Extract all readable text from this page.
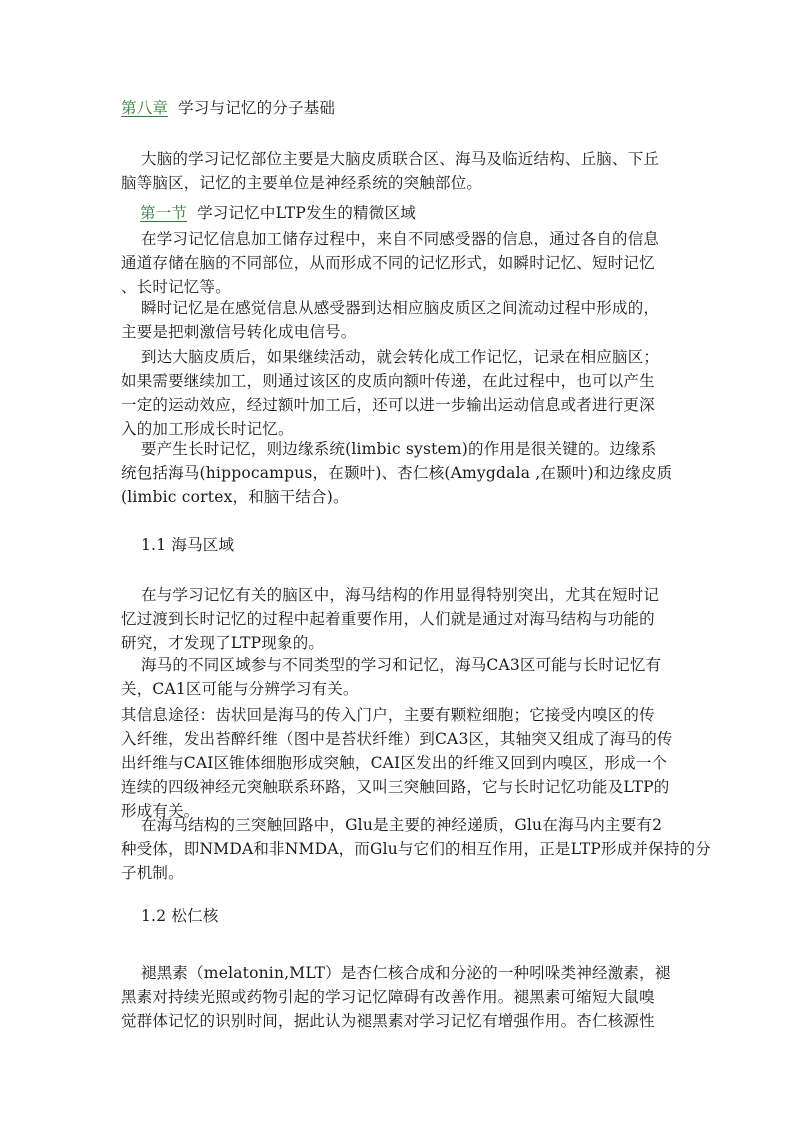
第八章 学习与记忆的分子基础
大脑的学习记忆部位主要是大脑皮质联合区、海马及临近结构、丘脑、下丘
脑等脑区，记忆的主要单位是神经系统的突触部位。
第一节 学习记忆中LTP发生的精微区域
在学习记忆信息加工储存过程中，来自不同感受器的信息，通过各自的信息
通道存储在脑的不同部位，从而形成不同的记忆形式，如瞬时记忆、短时记忆
、长时记忆等。
瞬时记忆是在感觉信息从感受器到达相应脑皮质区之间流动过程中形成的，
主要是把刺激信号转化成电信号。
到达大脑皮质后，如果继续活动，就会转化成工作记忆，记录在相应脑区；
如果需要继续加工，则通过该区的皮质向额叶传递，在此过程中，也可以产生
一定的运动效应，经过额叶加工后，还可以进一步输出运动信息或者进行更深
入的加工形成长时记忆。
要产生长时记忆，则边缘系统(limbic system)的作用是很关键的。边缘系
统包括海马(hippocampus，在颞叶)、杏仁核(Amygdala ,在颞叶)和边缘皮质
(limbic cortex，和脑干结合)。
1.1 海马区域
在与学习记忆有关的脑区中，海马结构的作用显得特别突出，尤其在短时记
忆过渡到长时记忆的过程中起着重要作用，人们就是通过对海马结构与功能的
研究，才发现了LTP现象的。
海马的不同区域参与不同类型的学习和记忆，海马CA3区可能与长时记忆有
关，CA1区可能与分辨学习有关。
其信息途径：齿状回是海马的传入门户，主要有颗粒细胞；它接受内嗅区的传
入纤维，发出苔醉纤维（图中是苔状纤维）到CA3区，其轴突又组成了海马的传
出纤维与CAI区锥体细胞形成突触，CAI区发出的纤维又回到内嗅区，形成一个
连续的四级神经元突触联系环路，又叫三突触回路，它与长时记忆功能及LTP的
形成有关。
在海马结构的三突触回路中，Glu是主要的神经递质，Glu在海马内主要有2
种受体，即NMDA和非NMDA，而Glu与它们的相互作用，正是LTP形成并保持的分
子机制。
1.2 松仁核
褪黑素（melatonin,MLT）是杏仁核合成和分泌的一种吲哚类神经激素，褪
黑素对持续光照或药物引起的学习记忆障碍有改善作用。褪黑素可缩短大鼠嗅
觉群体记忆的识别时间，据此认为褪黑素对学习记忆有增强作用。杏仁核源性
